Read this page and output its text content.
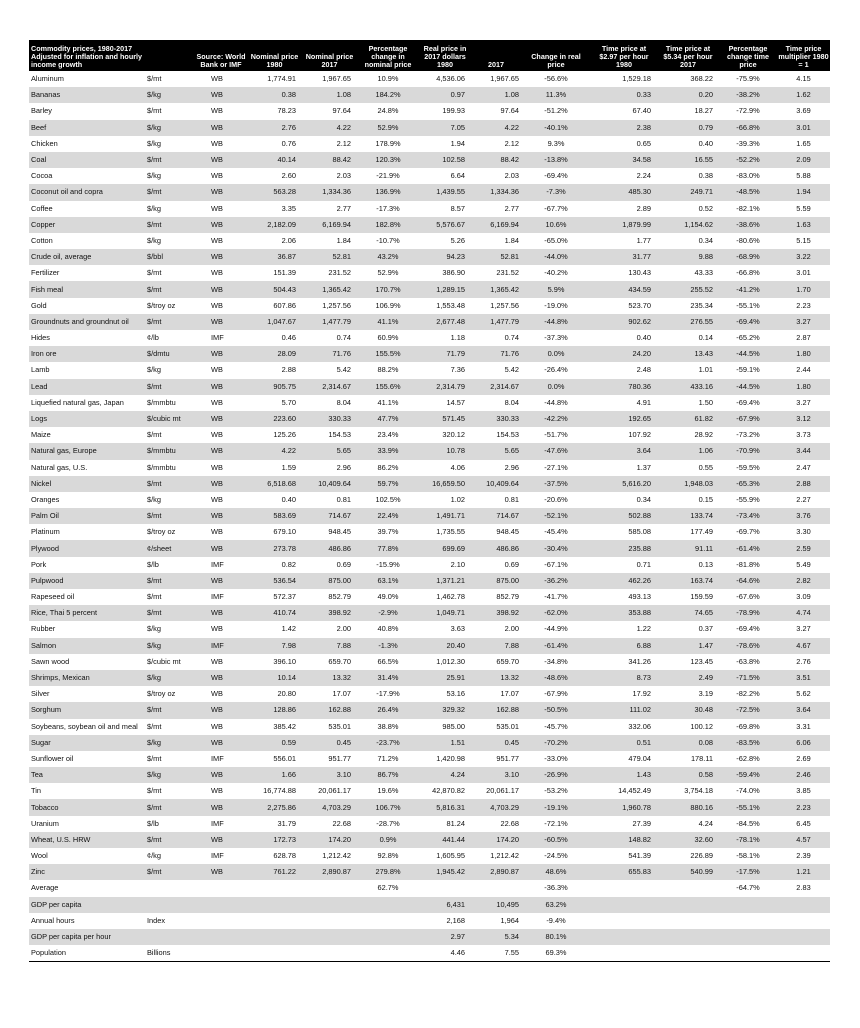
Commodity prices, 1980-2017 Adjusted for inflation and hourly income growth		Source: World Bank or IMF	Nominal price 1980	Nominal price 2017	Percentage change in nominal price	Real price in 2017 dollars 1980	2017	Change in real price	Time price at $2.97 per hour 1980	Time price at $5.34 per hour 2017	Percentage change time price	Time price multiplier 1980 = 1
Aluminum	$/mt	WB	1,774.91	1,967.65	10.9%	4,536.06	1,967.65	-56.6%	1,529.18	368.22	-75.9%	4.15
Bananas	$/kg	WB	0.38	1.08	184.2%	0.97	1.08	11.3%	0.33	0.20	-38.2%	1.62
Barley	$/mt	WB	78.23	97.64	24.8%	199.93	97.64	-51.2%	67.40	18.27	-72.9%	3.69
Beef	$/kg	WB	2.76	4.22	52.9%	7.05	4.22	-40.1%	2.38	0.79	-66.8%	3.01
Chicken	$/kg	WB	0.76	2.12	178.9%	1.94	2.12	9.3%	0.65	0.40	-39.3%	1.65
Coal	$/mt	WB	40.14	88.42	120.3%	102.58	88.42	-13.8%	34.58	16.55	-52.2%	2.09
Cocoa	$/kg	WB	2.60	2.03	-21.9%	6.64	2.03	-69.4%	2.24	0.38	-83.0%	5.88
Coconut oil and copra	$/mt	WB	563.28	1,334.36	136.9%	1,439.55	1,334.36	-7.3%	485.30	249.71	-48.5%	1.94
Coffee	$/kg	WB	3.35	2.77	-17.3%	8.57	2.77	-67.7%	2.89	0.52	-82.1%	5.59
Copper	$/mt	WB	2,182.09	6,169.94	182.8%	5,576.67	6,169.94	10.6%	1,879.99	1,154.62	-38.6%	1.63
Cotton	$/kg	WB	2.06	1.84	-10.7%	5.26	1.84	-65.0%	1.77	0.34	-80.6%	5.15
Crude oil, average	$/bbl	WB	36.87	52.81	43.2%	94.23	52.81	-44.0%	31.77	9.88	-68.9%	3.22
Fertilizer	$/mt	WB	151.39	231.52	52.9%	386.90	231.52	-40.2%	130.43	43.33	-66.8%	3.01
Fish meal	$/mt	WB	504.43	1,365.42	170.7%	1,289.15	1,365.42	5.9%	434.59	255.52	-41.2%	1.70
Gold	$/troy oz	WB	607.86	1,257.56	106.9%	1,553.48	1,257.56	-19.0%	523.70	235.34	-55.1%	2.23
Groundnuts and groundnut oil	$/mt	WB	1,047.67	1,477.79	41.1%	2,677.48	1,477.79	-44.8%	902.62	276.55	-69.4%	3.27
Hides	¢/lb	IMF	0.46	0.74	60.9%	1.18	0.74	-37.3%	0.40	0.14	-65.2%	2.87
Iron ore	$/dmtu	WB	28.09	71.76	155.5%	71.79	71.76	0.0%	24.20	13.43	-44.5%	1.80
Lamb	$/kg	WB	2.88	5.42	88.2%	7.36	5.42	-26.4%	2.48	1.01	-59.1%	2.44
Lead	$/mt	WB	905.75	2,314.67	155.6%	2,314.79	2,314.67	0.0%	780.36	433.16	-44.5%	1.80
Liquefied natural gas, Japan	$/mmbtu	WB	5.70	8.04	41.1%	14.57	8.04	-44.8%	4.91	1.50	-69.4%	3.27
Logs	$/cubic mt	WB	223.60	330.33	47.7%	571.45	330.33	-42.2%	192.65	61.82	-67.9%	3.12
Maize	$/mt	WB	125.26	154.53	23.4%	320.12	154.53	-51.7%	107.92	28.92	-73.2%	3.73
Natural gas, Europe	$/mmbtu	WB	4.22	5.65	33.9%	10.78	5.65	-47.6%	3.64	1.06	-70.9%	3.44
Natural gas, U.S.	$/mmbtu	WB	1.59	2.96	86.2%	4.06	2.96	-27.1%	1.37	0.55	-59.5%	2.47
Nickel	$/mt	WB	6,518.68	10,409.64	59.7%	16,659.50	10,409.64	-37.5%	5,616.20	1,948.03	-65.3%	2.88
Oranges	$/kg	WB	0.40	0.81	102.5%	1.02	0.81	-20.6%	0.34	0.15	-55.9%	2.27
Palm Oil	$/mt	WB	583.69	714.67	22.4%	1,491.71	714.67	-52.1%	502.88	133.74	-73.4%	3.76
Platinum	$/troy oz	WB	679.10	948.45	39.7%	1,735.55	948.45	-45.4%	585.08	177.49	-69.7%	3.30
Plywood	¢/sheet	WB	273.78	486.86	77.8%	699.69	486.86	-30.4%	235.88	91.11	-61.4%	2.59
Pork	$/lb	IMF	0.82	0.69	-15.9%	2.10	0.69	-67.1%	0.71	0.13	-81.8%	5.49
Pulpwood	$/mt	WB	536.54	875.00	63.1%	1,371.21	875.00	-36.2%	462.26	163.74	-64.6%	2.82
Rapeseed oil	$/mt	IMF	572.37	852.79	49.0%	1,462.78	852.79	-41.7%	493.13	159.59	-67.6%	3.09
Rice, Thai 5 percent	$/mt	WB	410.74	398.92	-2.9%	1,049.71	398.92	-62.0%	353.88	74.65	-78.9%	4.74
Rubber	$/kg	WB	1.42	2.00	40.8%	3.63	2.00	-44.9%	1.22	0.37	-69.4%	3.27
Salmon	$/kg	IMF	7.98	7.88	-1.3%	20.40	7.88	-61.4%	6.88	1.47	-78.6%	4.67
Sawn wood	$/cubic mt	WB	396.10	659.70	66.5%	1,012.30	659.70	-34.8%	341.26	123.45	-63.8%	2.76
Shrimps, Mexican	$/kg	WB	10.14	13.32	31.4%	25.91	13.32	-48.6%	8.73	2.49	-71.5%	3.51
Silver	$/troy oz	WB	20.80	17.07	-17.9%	53.16	17.07	-67.9%	17.92	3.19	-82.2%	5.62
Sorghum	$/mt	WB	128.86	162.88	26.4%	329.32	162.88	-50.5%	111.02	30.48	-72.5%	3.64
Soybeans, soybean oil and meal	$/mt	WB	385.42	535.01	38.8%	985.00	535.01	-45.7%	332.06	100.12	-69.8%	3.31
Sugar	$/kg	WB	0.59	0.45	-23.7%	1.51	0.45	-70.2%	0.51	0.08	-83.5%	6.06
Sunflower oil	$/mt	IMF	556.01	951.77	71.2%	1,420.98	951.77	-33.0%	479.04	178.11	-62.8%	2.69
Tea	$/kg	WB	1.66	3.10	86.7%	4.24	3.10	-26.9%	1.43	0.58	-59.4%	2.46
Tin	$/mt	WB	16,774.88	20,061.17	19.6%	42,870.82	20,061.17	-53.2%	14,452.49	3,754.18	-74.0%	3.85
Tobacco	$/mt	WB	2,275.86	4,703.29	106.7%	5,816.31	4,703.29	-19.1%	1,960.78	880.16	-55.1%	2.23
Uranium	$/lb	IMF	31.79	22.68	-28.7%	81.24	22.68	-72.1%	27.39	4.24	-84.5%	6.45
Wheat, U.S. HRW	$/mt	WB	172.73	174.20	0.9%	441.44	174.20	-60.5%	148.82	32.60	-78.1%	4.57
Wool	¢/kg	IMF	628.78	1,212.42	92.8%	1,605.95	1,212.42	-24.5%	541.39	226.89	-58.1%	2.39
Zinc	$/mt	WB	761.22	2,890.87	279.8%	1,945.42	2,890.87	48.6%	655.83	540.99	-17.5%	1.21
Average					62.7%			-36.3%			-64.7%	2.83
GDP per capita						6,431	10,495	63.2%				
Annual hours	Index					2,168	1,964	-9.4%				
GDP per capita per hour						2.97	5.34	80.1%				
Population	Billions					4.46	7.55	69.3%				
